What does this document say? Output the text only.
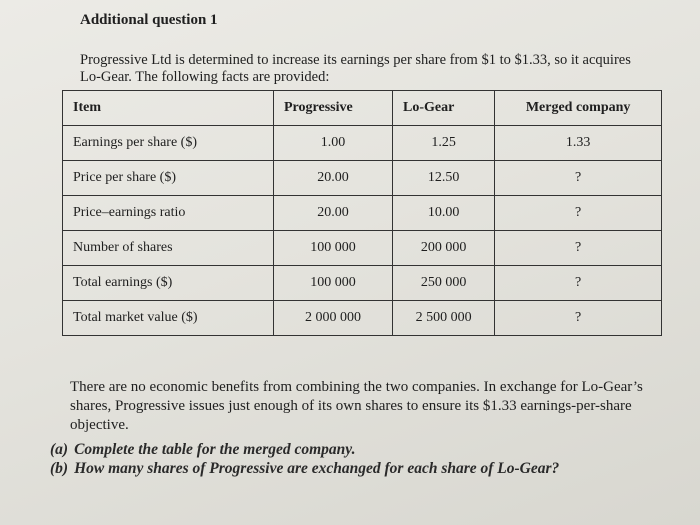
Additional question 1
Progressive Ltd is determined to increase its earnings per share from $1 to $1.33, so it acquires Lo-Gear. The following facts are provided:
Item	Progressive	Lo-Gear	Merged company
Earnings per share ($)	1.00	1.25	1.33
Price per share ($)	20.00	12.50	?
Price–earnings ratio	20.00	10.00	?
Number of shares	100 000	200 000	?
Total earnings ($)	100 000	250 000	?
Total market value ($)	2 000 000	2 500 000	?
There are no economic benefits from combining the two companies. In exchange for Lo-Gear’s shares, Progressive issues just enough of its own shares to ensure its $1.33 earnings-per-share objective.
(a) Complete the table for the merged company.
(b) How many shares of Progressive are exchanged for each share of Lo-Gear?
